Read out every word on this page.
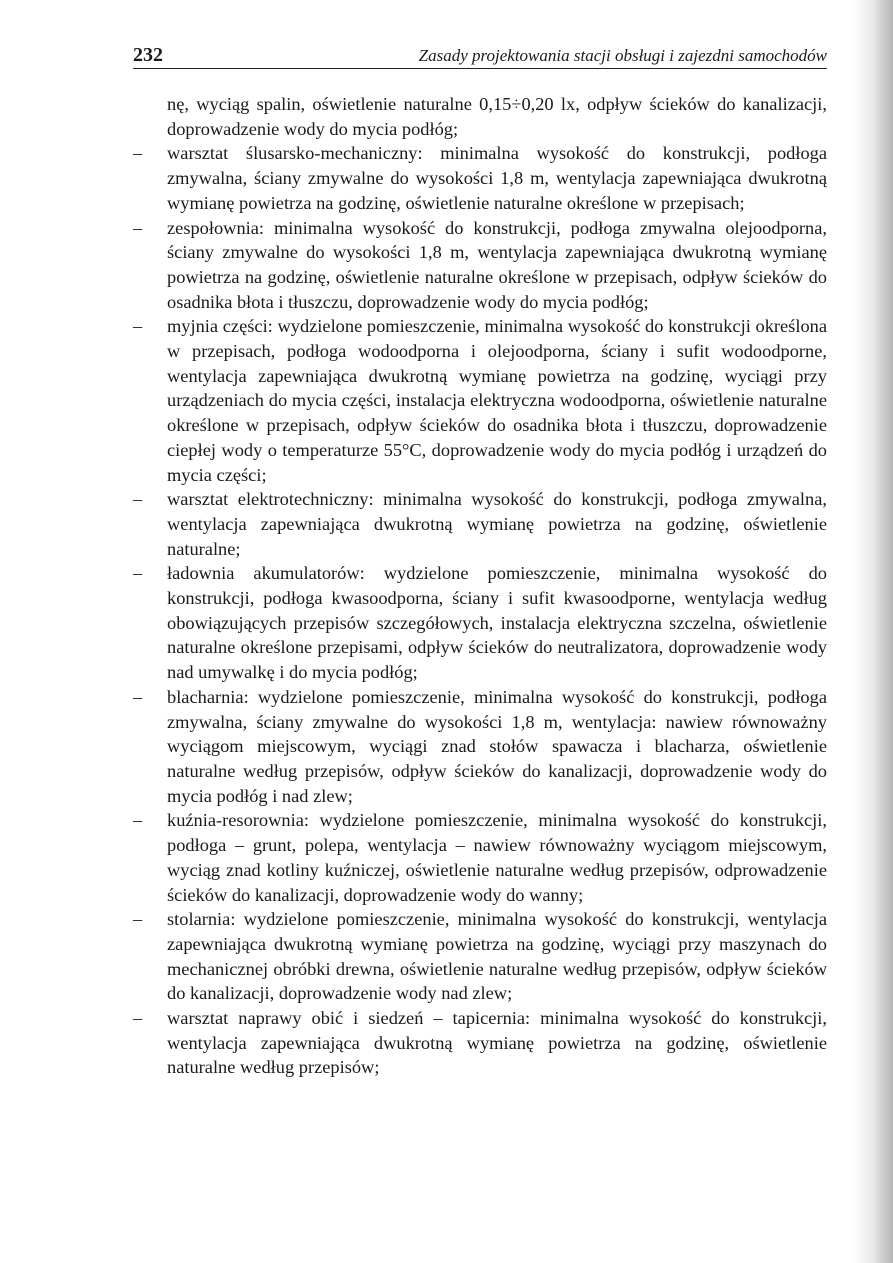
232	Zasady projektowania stacji obsługi i zajezdni samochodów
nę, wyciąg spalin, oświetlenie naturalne 0,15÷0,20 lx, odpływ ścieków do kanalizacji, doprowadzenie wody do mycia podłóg;
– warsztat ślusarsko-mechaniczny: minimalna wysokość do konstrukcji, podłoga zmywalna, ściany zmywalne do wysokości 1,8 m, wentylacja zapewniająca dwukrotną wymianę powietrza na godzinę, oświetlenie naturalne określone w przepisach;
– zespołownia: minimalna wysokość do konstrukcji, podłoga zmywalna olejoodporna, ściany zmywalne do wysokości 1,8 m, wentylacja zapewniająca dwukrotną wymianę powietrza na godzinę, oświetlenie naturalne określone w przepisach, odpływ ścieków do osadnika błota i tłuszczu, doprowadzenie wody do mycia podłóg;
– myjnia części: wydzielone pomieszczenie, minimalna wysokość do konstrukcji określona w przepisach, podłoga wodoodporna i olejoodporna, ściany i sufit wodoodporne, wentylacja zapewniająca dwukrotną wymianę powietrza na godzinę, wyciągi przy urządzeniach do mycia części, instalacja elektryczna wodoodporna, oświetlenie naturalne określone w przepisach, odpływ ścieków do osadnika błota i tłuszczu, doprowadzenie ciepłej wody o temperaturze 55°C, doprowadzenie wody do mycia podłóg i urządzeń do mycia części;
– warsztat elektrotechniczny: minimalna wysokość do konstrukcji, podłoga zmywalna, wentylacja zapewniająca dwukrotną wymianę powietrza na godzinę, oświetlenie naturalne;
– ładownia akumulatorów: wydzielone pomieszczenie, minimalna wysokość do konstrukcji, podłoga kwasoodporna, ściany i sufit kwasoodporne, wentylacja według obowiązujących przepisów szczegółowych, instalacja elektryczna szczelna, oświetlenie naturalne określone przepisami, odpływ ścieków do neutralizatora, doprowadzenie wody nad umywalkę i do mycia podłóg;
– blacharnia: wydzielone pomieszczenie, minimalna wysokość do konstrukcji, podłoga zmywalna, ściany zmywalne do wysokości 1,8 m, wentylacja: nawiew równoważny wyciągom miejscowym, wyciągi znad stołów spawacza i blacharza, oświetlenie naturalne według przepisów, odpływ ścieków do kanalizacji, doprowadzenie wody do mycia podłóg i nad zlew;
– kuźnia-resorownia: wydzielone pomieszczenie, minimalna wysokość do konstrukcji, podłoga – grunt, polepa, wentylacja – nawiew równoważny wyciągom miejscowym, wyciąg znad kotliny kuźniczej, oświetlenie naturalne według przepisów, odprowadzenie ścieków do kanalizacji, doprowadzenie wody do wanny;
– stolarnia: wydzielone pomieszczenie, minimalna wysokość do konstrukcji, wentylacja zapewniająca dwukrotną wymianę powietrza na godzinę, wyciągi przy maszynach do mechanicznej obróbki drewna, oświetlenie naturalne według przepisów, odpływ ścieków do kanalizacji, doprowadzenie wody nad zlew;
– warsztat naprawy obić i siedzeń – tapicernia: minimalna wysokość do konstrukcji, wentylacja zapewniająca dwukrotną wymianę powietrza na godzinę, oświetlenie naturalne według przepisów;
